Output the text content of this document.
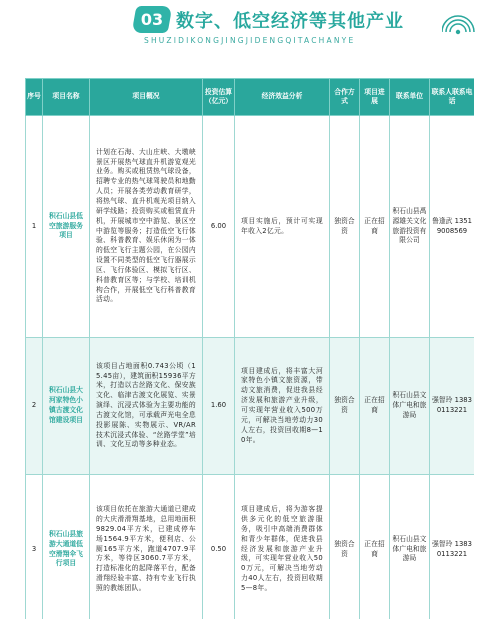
03 数字、低空经济等其他产业
SHUZIDIKONGJINGJIDENGQITACHANYE
序号	项目名称	项目概况	投资估算（亿元）	经济效益分析	合作方式	项目进展	联系单位	联系人联系电话
1	积石山县低空旅游服务项目	计划在石海、大山庄峡、大墩峡景区开展热气球直升机游览观光业务。购买或租赁热气球设备，招聘专业的热气球驾驶员和地勤人员；开展各类劳动教育研学，将热气球、直升机观光项目纳入研学线路；投资购买或租赁直升机，开展城市空中游览、景区空中游览等服务；打造低空飞行体验、科普教育、娱乐休闲为一体的低空飞行主题公园，在公园内设置不同类型的低空飞行器展示区、飞行体验区、模拟飞行区、科普教育区等；与学校、培训机构合作，开展低空飞行科普教育活动。	6.00	项目实施后，预计可实现年收入2亿元。	独资合资	正在招商	积石山县禹源雄关文化旅游投资有限公司	鲁逢武 13519008569
2	积石山县大河家特色小镇古渡文化馆建设项目	该项目占地面积0.743公顷（15.45亩），建筑面积15936平方米，打造以古丝路文化、保安族文化、临津古渡文化展览、实景演绎、沉浸式体验为主要功能的古渡文化馆，可承载声光电全息投影展陈、实物展示、VR/AR技术沉浸式体验、“丝路学堂”培训、文化互动等多种业态。	1.60	项目建成后，将丰富大河家特色小镇文旅资源，带动文旅消费，促进我县经济发展和旅游产业升级，可实现年营业收入500万元，可解决当地劳动力30人左右，投资回收期8—10年。	独资合资	正在招商	积石山县文体广电和旅游局	强智玲 13830113221
3	积石山县旅游大通道低空滑翔伞飞行项目	该项目依托在旅游大通道已建成的大庆滑滑翔基地，总用地面积9829.04平方米，已建成停车场1564.9平方米，便利店、公厕165平方米，跑道4707.9平方米，等待区3060.7平方米，打造标准化的起降落平台，配备滑翔经验丰富、持有专业飞行执照的教练团队。	0.50	项目建成后，将为游客提供多元化的低空旅游服务，吸引中高端消费群体和青少年群体，促进我县经济发展和旅游产业升级，可实现年营业收入500万元，可解决当地劳动力40人左右，投资回收期5—8年。	独资合资	正在招商	积石山县文体广电和旅游局	强智玲 13830113221
